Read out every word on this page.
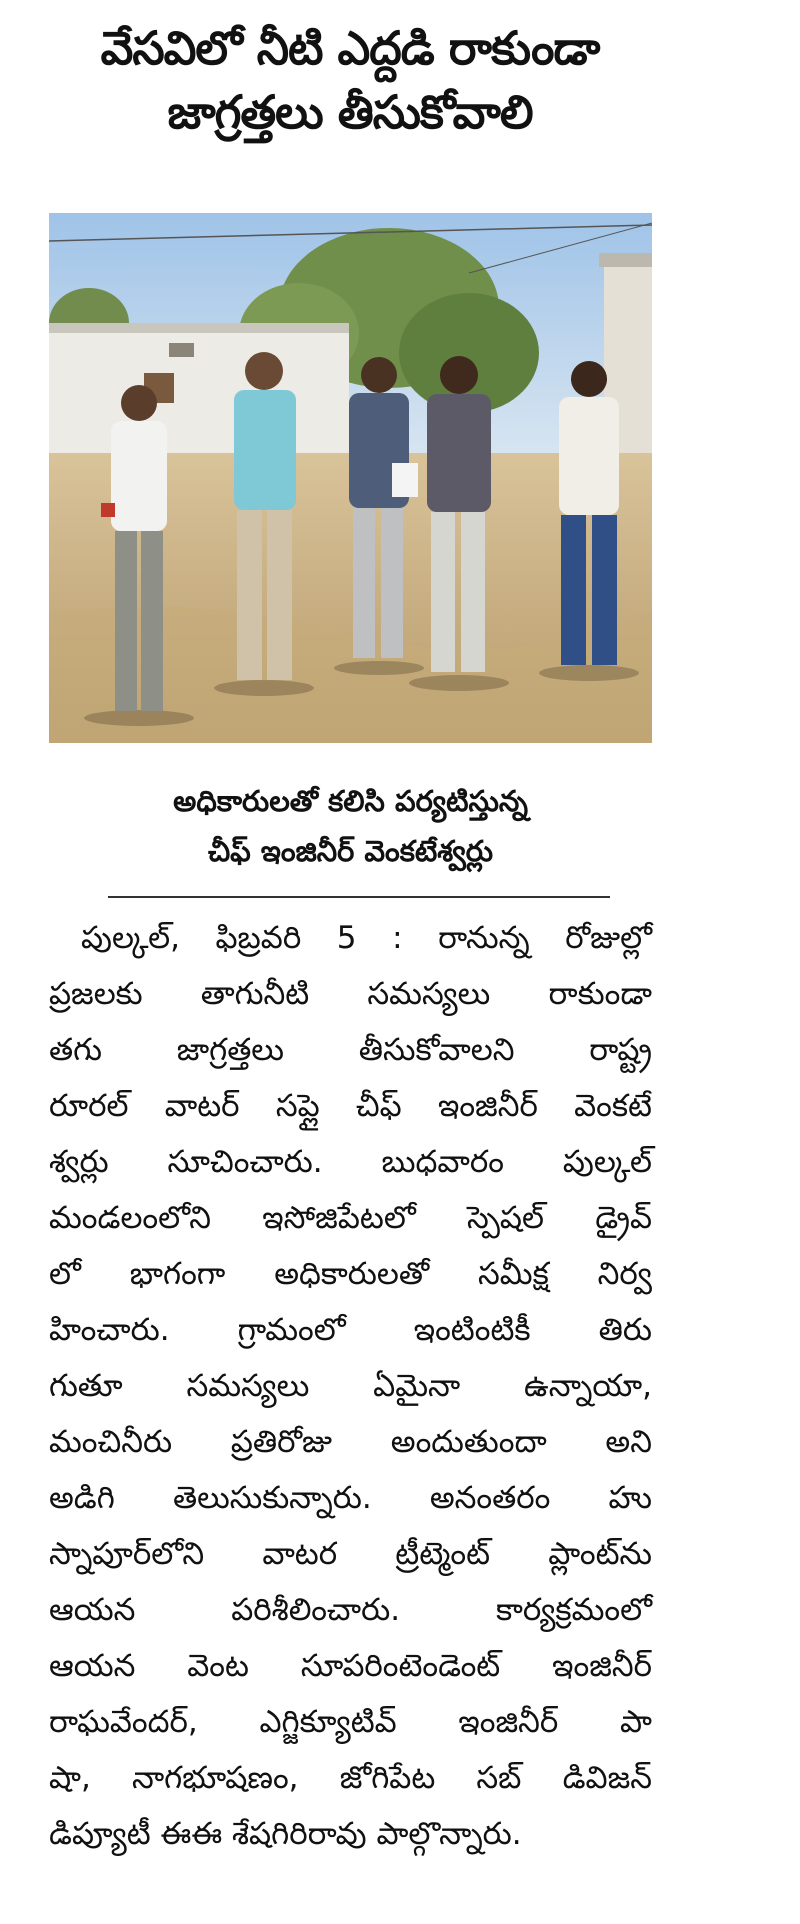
వేసవిలో నీటి ఎద్దడి రాకుండా
జాగ్రత్తలు తీసుకోవాలి
అధికారులతో కలిసి పర్యటిస్తున్న
చీఫ్ ఇంజినీర్ వెంకటేశ్వర్లు
పుల్కల్, ఫిబ్రవరి 5 : రానున్న రోజుల్లో
ప్రజలకు తాగునీటి సమస్యలు రాకుండా
తగు జాగ్రత్తలు తీసుకోవాలని రాష్ట్ర
రూరల్ వాటర్ సప్లై చీఫ్ ఇంజినీర్ వెంకటే
శ్వర్లు సూచించారు. బుధవారం పుల్కల్
మండలంలోని ఇసోజిపేటలో స్పెషల్ డ్రైవ్
లో భాగంగా అధికారులతో సమీక్ష నిర్వ
హించారు. గ్రామంలో ఇంటింటికీ తిరు
గుతూ సమస్యలు ఏమైనా ఉన్నాయా,
మంచినీరు ప్రతిరోజు అందుతుందా అని
అడిగి తెలుసుకున్నారు. అనంతరం హు
స్నాపూర్‌లోని వాటర ట్రీట్మెంట్ ప్లాంట్‌ను
ఆయన పరిశీలించారు. కార్యక్రమంలో
ఆయన వెంట సూపరింటెండెంట్ ఇంజినీర్
రాఘవేందర్, ఎగ్జిక్యూటివ్ ఇంజినీర్ పా
షా, నాగభూషణం, జోగిపేట సబ్ డివిజన్
డిప్యూటీ ఈఈ శేషగిరిరావు పాల్గొన్నారు.
